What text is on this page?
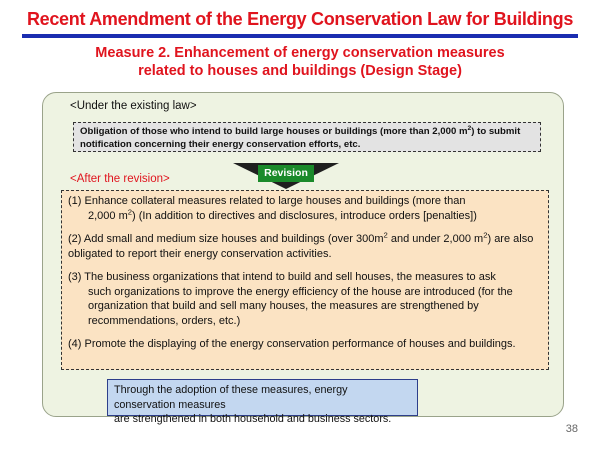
Recent Amendment of the Energy Conservation Law for Buildings
Measure 2. Enhancement of energy conservation measures
related to houses and buildings (Design Stage)
<Under the existing law>
Obligation of those who intend to build large houses or buildings (more than 2,000 $m^2$) to submit notification concerning their energy conservation efforts, etc.
Revision
<After the revision>
(1) Enhance collateral measures related to large houses and buildings (more than
2,000 $m^2$) (In addition to directives and disclosures, introduce orders [penalties])
(2) Add small and medium size houses and buildings (over $300m^2$ and under 2,000 $m^2$) are also obligated to report their energy conservation activities.
(3) The business organizations that intend to build and sell houses, the measures to ask
such organizations to improve the energy efficiency of the house are introduced (for the
organization that build and sell many houses, the measures are strengthened by
recommendations, orders, etc.)
(4) Promote the displaying of the energy conservation performance of houses and buildings.
Through the adoption of these measures, energy conservation measures
are strengthened in both household and business sectors.
38
